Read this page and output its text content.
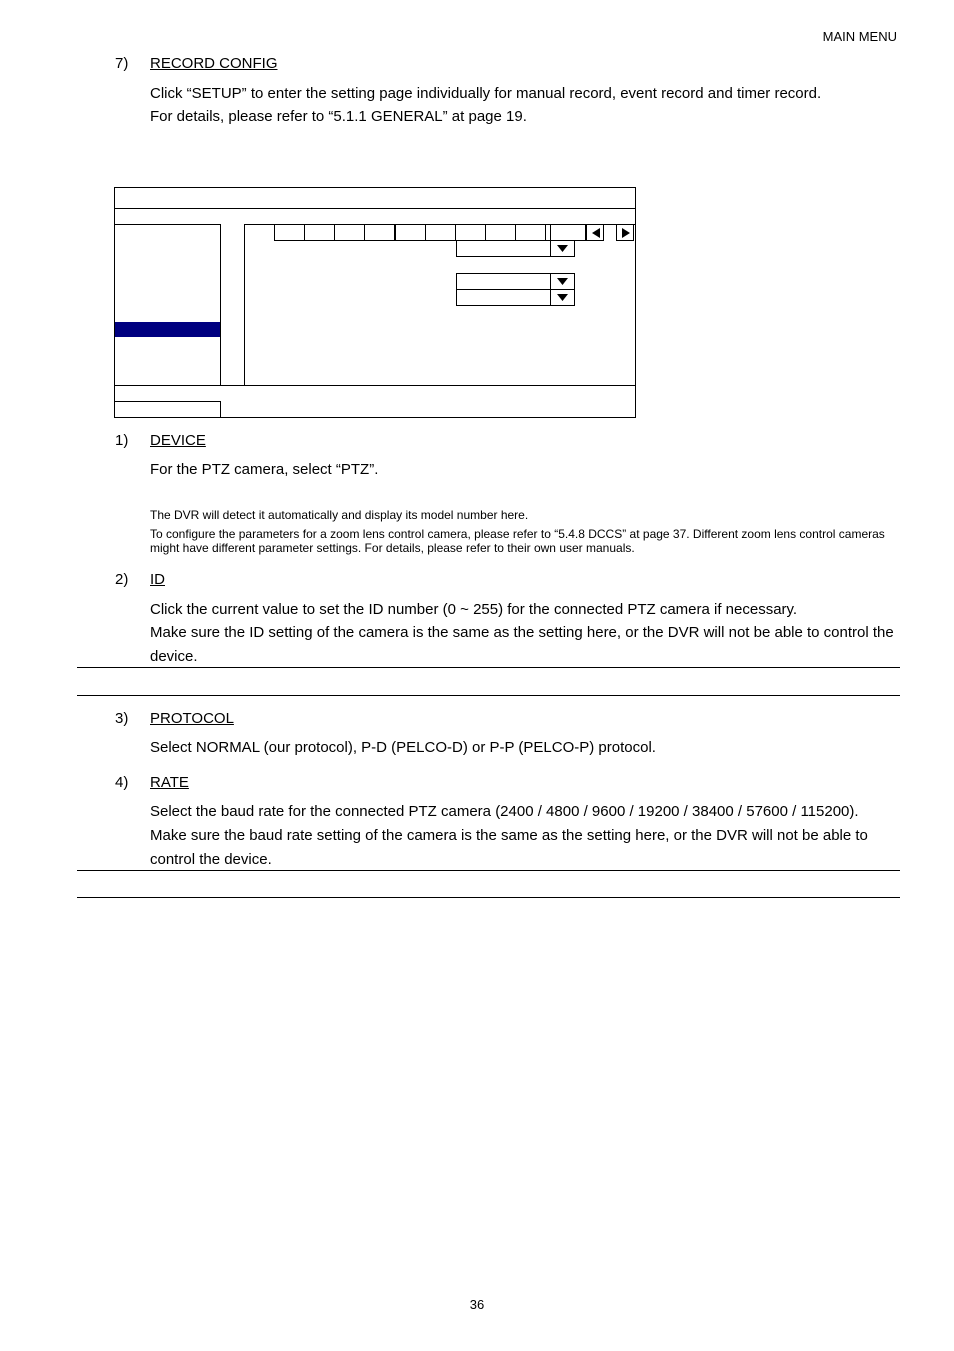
MAIN MENU
7) RECORD CONFIG
Click “SETUP” to enter the setting page individually for manual record, event record and timer record.
For details, please refer to “5.1.1 GENERAL” at page 19.
1) DEVICE
For the PTZ camera, select “PTZ”.
The DVR will detect it automatically and display its model number here.
To configure the parameters for a zoom lens control camera, please refer to “5.4.8 DCCS” at page 37. Different zoom lens control cameras might have different parameter settings. For details, please refer to their own user manuals.
2) ID
Click the current value to set the ID number (0 ~ 255) for the connected PTZ camera if necessary.
Make sure the ID setting of the camera is the same as the setting here, or the DVR will not be able to control the device.
3) PROTOCOL
Select NORMAL (our protocol), P-D (PELCO-D) or P-P (PELCO-P) protocol.
4) RATE
Select the baud rate for the connected PTZ camera (2400 / 4800 / 9600 / 19200 / 38400 / 57600 / 115200).
Make sure the baud rate setting of the camera is the same as the setting here, or the DVR will not be able to control the device.
36
